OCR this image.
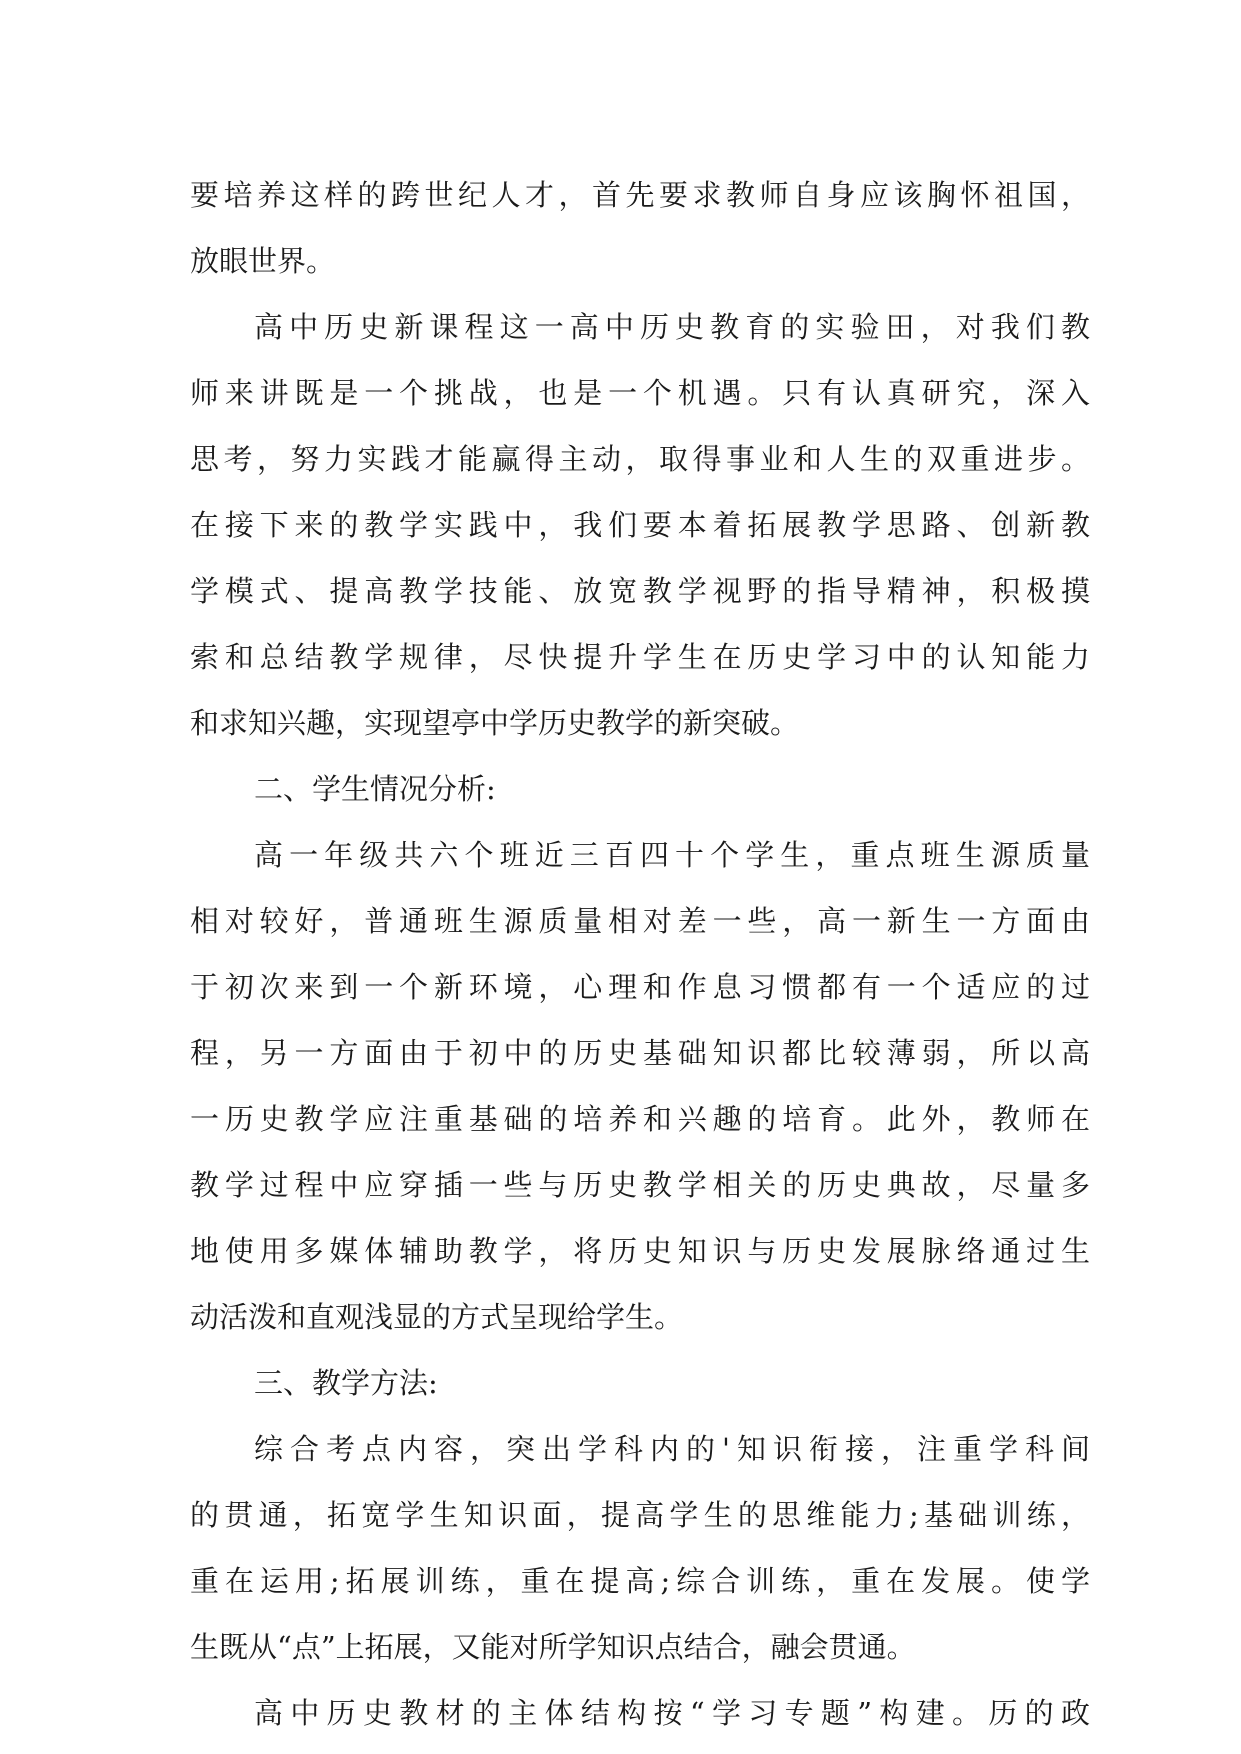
要培养这样的跨世纪人才，首先要求教师自身应该胸怀祖国，
放眼世界。
高中历史新课程这一高中历史教育的实验田，对我们教
师来讲既是一个挑战，也是一个机遇。只有认真研究，深入
思考，努力实践才能赢得主动，取得事业和人生的双重进步。
在接下来的教学实践中，我们要本着拓展教学思路、创新教
学模式、提高教学技能、放宽教学视野的指导精神，积极摸
索和总结教学规律，尽快提升学生在历史学习中的认知能力
和求知兴趣，实现望亭中学历史教学的新突破。
二、学生情况分析:
高一年级共六个班近三百四十个学生，重点班生源质量
相对较好，普通班生源质量相对差一些，高一新生一方面由
于初次来到一个新环境，心理和作息习惯都有一个适应的过
程，另一方面由于初中的历史基础知识都比较薄弱，所以高
一历史教学应注重基础的培养和兴趣的培育。此外，教师在
教学过程中应穿插一些与历史教学相关的历史典故，尽量多
地使用多媒体辅助教学，将历史知识与历史发展脉络通过生
动活泼和直观浅显的方式呈现给学生。
三、教学方法:
综合考点内容，突出学科内的'知识衔接，注重学科间
的贯通，拓宽学生知识面，提高学生的思维能力;基础训练，
重在运用;拓展训练，重在提高;综合训练，重在发展。使学
生既从“点”上拓展，又能对所学知识点结合，融会贯通。
高中历史教材的主体结构按“学习专题”构建。历的政
